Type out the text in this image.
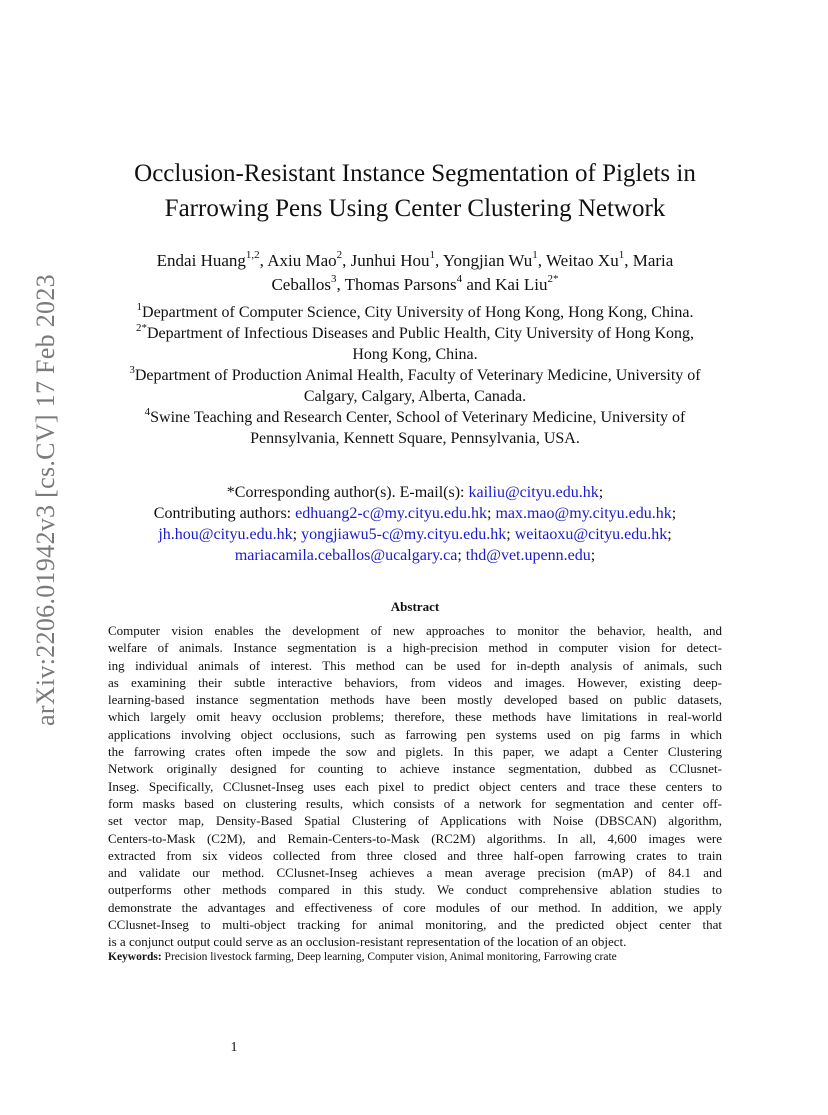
arXiv:2206.01942v3 [cs.CV] 17 Feb 2023
Occlusion-Resistant Instance Segmentation of Piglets in
Farrowing Pens Using Center Clustering Network
Endai Huang$^{1,2}$, Axiu Mao$^2$, Junhui Hou$^1$, Yongjian Wu$^1$, Weitao Xu$^1$, Maria
Ceballos$^3$, Thomas Parsons$^4$ and Kai Liu$^{2*}$
$^1$Department of Computer Science, City University of Hong Kong, Hong Kong, China.
$^{2*}$Department of Infectious Diseases and Public Health, City University of Hong Kong,
Hong Kong, China.
$^3$Department of Production Animal Health, Faculty of Veterinary Medicine, University of
Calgary, Calgary, Alberta, Canada.
$^4$Swine Teaching and Research Center, School of Veterinary Medicine, University of
Pennsylvania, Kennett Square, Pennsylvania, USA.
*Corresponding author(s). E-mail(s): kailiu@cityu.edu.hk;
Contributing authors: edhuang2-c@my.cityu.edu.hk; max.mao@my.cityu.edu.hk;
jh.hou@cityu.edu.hk; yongjiawu5-c@my.cityu.edu.hk; weitaoxu@cityu.edu.hk;
mariacamila.ceballos@ucalgary.ca; thd@vet.upenn.edu;
Abstract
Computer vision enables the development of new approaches to monitor the behavior, health, and
welfare of animals. Instance segmentation is a high-precision method in computer vision for detect-
ing individual animals of interest. This method can be used for in-depth analysis of animals, such
as examining their subtle interactive behaviors, from videos and images. However, existing deep-
learning-based instance segmentation methods have been mostly developed based on public datasets,
which largely omit heavy occlusion problems; therefore, these methods have limitations in real-world
applications involving object occlusions, such as farrowing pen systems used on pig farms in which
the farrowing crates often impede the sow and piglets. In this paper, we adapt a Center Clustering
Network originally designed for counting to achieve instance segmentation, dubbed as CClusnet-
Inseg. Specifically, CClusnet-Inseg uses each pixel to predict object centers and trace these centers to
form masks based on clustering results, which consists of a network for segmentation and center off-
set vector map, Density-Based Spatial Clustering of Applications with Noise (DBSCAN) algorithm,
Centers-to-Mask (C2M), and Remain-Centers-to-Mask (RC2M) algorithms. In all, 4,600 images were
extracted from six videos collected from three closed and three half-open farrowing crates to train
and validate our method. CClusnet-Inseg achieves a mean average precision (mAP) of 84.1 and
outperforms other methods compared in this study. We conduct comprehensive ablation studies to
demonstrate the advantages and effectiveness of core modules of our method. In addition, we apply
CClusnet-Inseg to multi-object tracking for animal monitoring, and the predicted object center that
is a conjunct output could serve as an occlusion-resistant representation of the location of an object.
Keywords: Precision livestock farming, Deep learning, Computer vision, Animal monitoring, Farrowing crate
1
